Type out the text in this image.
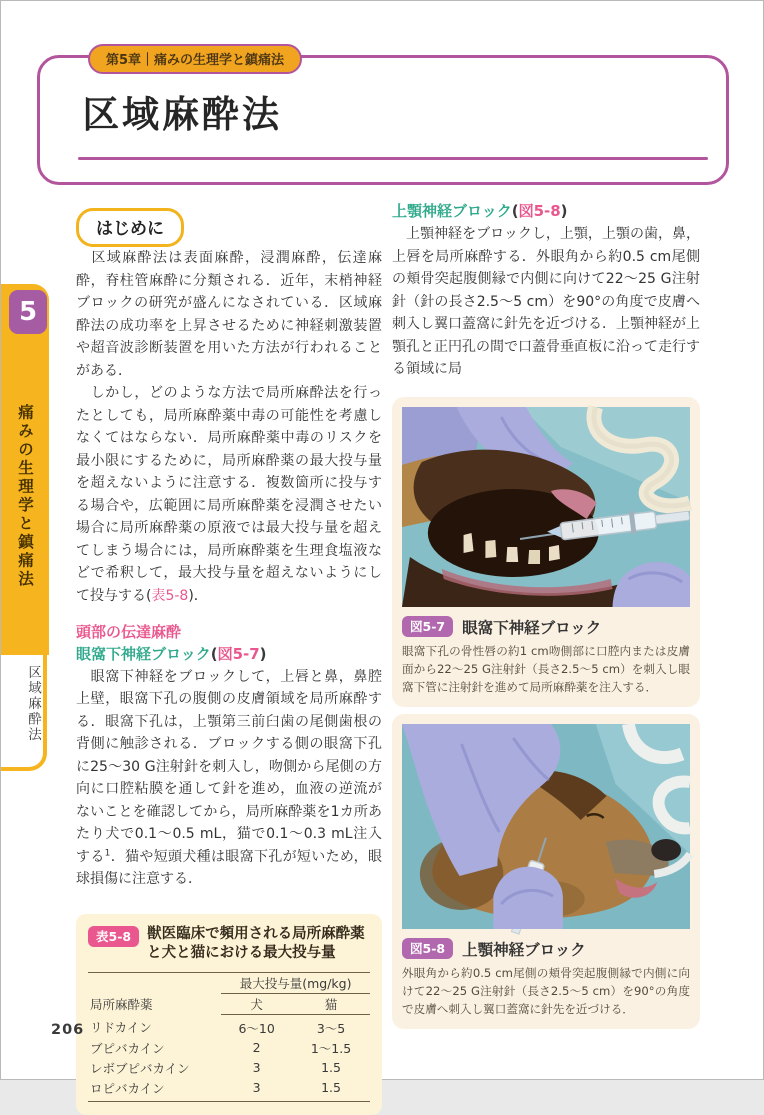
第5章｜痛みの生理学と鎮痛法
区域麻酔法
5
痛みの生理学と鎮痛法
区域麻酔法
はじめに

　区域麻酔法は表面麻酔，浸潤麻酔，伝達麻酔，脊柱管麻酔に分類される．近年，末梢神経ブロックの研究が盛んになされている．区域麻酔法の成功率を上昇させるために神経刺激装置や超音波診断装置を用いた方法が行われることがある．

　しかし，どのような方法で局所麻酔法を行ったとしても，局所麻酔薬中毒の可能性を考慮しなくてはならない．局所麻酔薬中毒のリスクを最小限にするために，局所麻酔薬の最大投与量を超えないように注意する．複数箇所に投与する場合や，広範囲に局所麻酔薬を浸潤させたい場合に局所麻酔薬の原液では最大投与量を超えてしまう場合には，局所麻酔薬を生理食塩液などで希釈して，最大投与量を超えないようにして投与する(表5-8)．

頭部の伝達麻酔
眼窩下神経ブロック(図5-7)

　眼窩下神経をブロックして，上唇と鼻，鼻腔上壁，眼窩下孔の腹側の皮膚領域を局所麻酔する．眼窩下孔は，上顎第三前臼歯の尾側歯根の背側に触診される．ブロックする側の眼窩下孔に25～30 G注射針を刺入し，吻側から尾側の方向に口腔粘膜を通して針を進め，血液の逆流がないことを確認してから，局所麻酔薬を1カ所あたり犬で0.1～0.5 mL，猫で0.1～0.3 mL注入する$^1$．猫や短頭犬種は眼窩下孔が短いため，眼球損傷に注意する．

表5-8	獣医臨床で頻用される局所麻酔薬と犬と猫における最大投与量
局所麻酔薬	最大投与量(mg/kg)	
	犬	猫
リドカイン	6～10	3～5
ブピバカイン	2	1～1.5
レボブピバカイン	3	1.5
ロピバカイン	3	1.5
上顎神経ブロック(図5-8)

　上顎神経をブロックし，上顎，上顎の歯，鼻，上唇を局所麻酔する．外眼角から約0.5 cm尾側の頬骨突起腹側縁で内側に向けて22～25 G注射針（針の長さ2.5～5 cm）を90°の角度で皮膚へ刺入し翼口蓋窩に針先を近づける．上顎神経が上顎孔と正円孔の間で口蓋骨垂直板に沿って走行する領域に局

図5-7	眼窩下神経ブロック
眼窩下孔の骨性唇の約1 cm吻側部に口腔内または皮膚面から22～25 G注射針（長さ2.5～5 cm）を刺入し眼窩下管に注射針を進めて局所麻酔薬を注入する．
図5-8	上顎神経ブロック
外眼角から約0.5 cm尾側の頬骨突起腹側縁で内側に向けて22～25 G注射針（長さ2.5～5 cm）を90°の角度で皮膚へ刺入し翼口蓋窩に針先を近づける．
206
